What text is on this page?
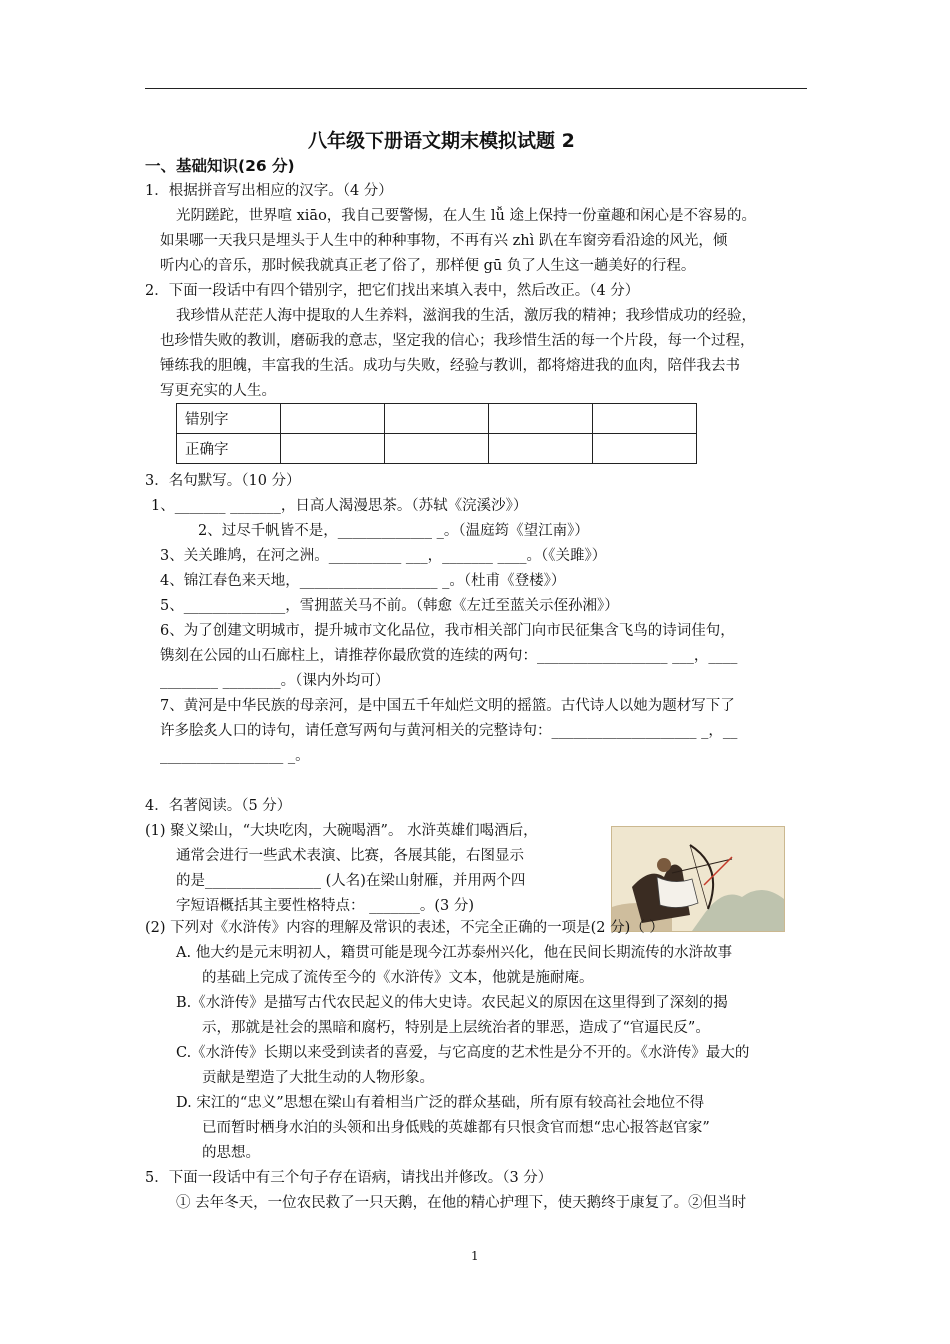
八年级下册语文期末模拟试题 2
一、基础知识(26 分)
1．根据拼音写出相应的汉字。（4 分）
光阴蹉跎，世界喧 xiāo，我自己要警惕，在人生 lǚ 途上保持一份童趣和闲心是不容易的。
如果哪一天我只是埋头于人生中的种种事物，不再有兴 zhì 趴在车窗旁看沿途的风光，倾
听内心的音乐，那时候我就真正老了俗了，那样便 gū 负了人生这一趟美好的行程。
2．下面一段话中有四个错别字，把它们找出来填入表中，然后改正。（4 分）
我珍惜从茫茫人海中提取的人生养料，滋润我的生活，激厉我的精神；我珍惜成功的经验，
也珍惜失败的教训，磨砺我的意志，坚定我的信心；我珍惜生活的每一个片段，每一个过程，
锤练我的胆魄，丰富我的生活。成功与失败，经验与教训，都将熔进我的血肉，陪伴我去书
写更充实的人生。
错别字				
正确字				
3．名句默写。（10 分）
1、_______ _______，日高人渴漫思茶。（苏轼《浣溪沙》）
2、过尽千帆皆不是，_____________ _。（温庭筠《望江南》）
3、关关雎鸠，在河之洲。__________ ___，_______ ____。（《关雎》）
4、锦江春色来天地，___________________ _。（杜甫《登楼》）
5、______________，雪拥蓝关马不前。（韩愈《左迁至蓝关示侄孙湘》）
6、为了创建文明城市，提升城市文化品位，我市相关部门向市民征集含飞鸟的诗词佳句，
镌刻在公园的山石廊柱上，请推荐你最欣赏的连续的两句：__________________ ___，____
________ ________。（课内外均可）
7、黄河是中华民族的母亲河，是中国五千年灿烂文明的摇篮。古代诗人以她为题材写下了
许多脍炙人口的诗句，请任意写两句与黄河相关的完整诗句：____________________ _，__
_________________ _。
4．名著阅读。（5 分）
(1) 聚义梁山，“大块吃肉，大碗喝酒”。 水浒英雄们喝酒后，
通常会进行一些武术表演、比赛，各展其能，右图显示
的是________________ (人名)在梁山射雁，并用两个四
字短语概括其主要性格特点： _______。(3 分)
(2) 下列对《水浒传》内容的理解及常识的表述，不完全正确的一项是(2 分)（ ）
A. 他大约是元末明初人，籍贯可能是现今江苏泰州兴化，他在民间长期流传的水浒故事
的基础上完成了流传至今的《水浒传》文本，他就是施耐庵。
B.《水浒传》是描写古代农民起义的伟大史诗。农民起义的原因在这里得到了深刻的揭
示，那就是社会的黑暗和腐朽，特别是上层统治者的罪恶，造成了“官逼民反”。
C.《水浒传》长期以来受到读者的喜爱，与它高度的艺术性是分不开的。《水浒传》最大的
贡献是塑造了大批生动的人物形象。
D. 宋江的“忠义”思想在梁山有着相当广泛的群众基础，所有原有较高社会地位不得
已而暂时栖身水泊的头领和出身低贱的英雄都有只恨贪官而想“忠心报答赵官家”
的思想。
5．下面一段话中有三个句子存在语病，请找出并修改。（3 分）
① 去年冬天，一位农民救了一只天鹅，在他的精心护理下，使天鹅终于康复了。②但当时
1
